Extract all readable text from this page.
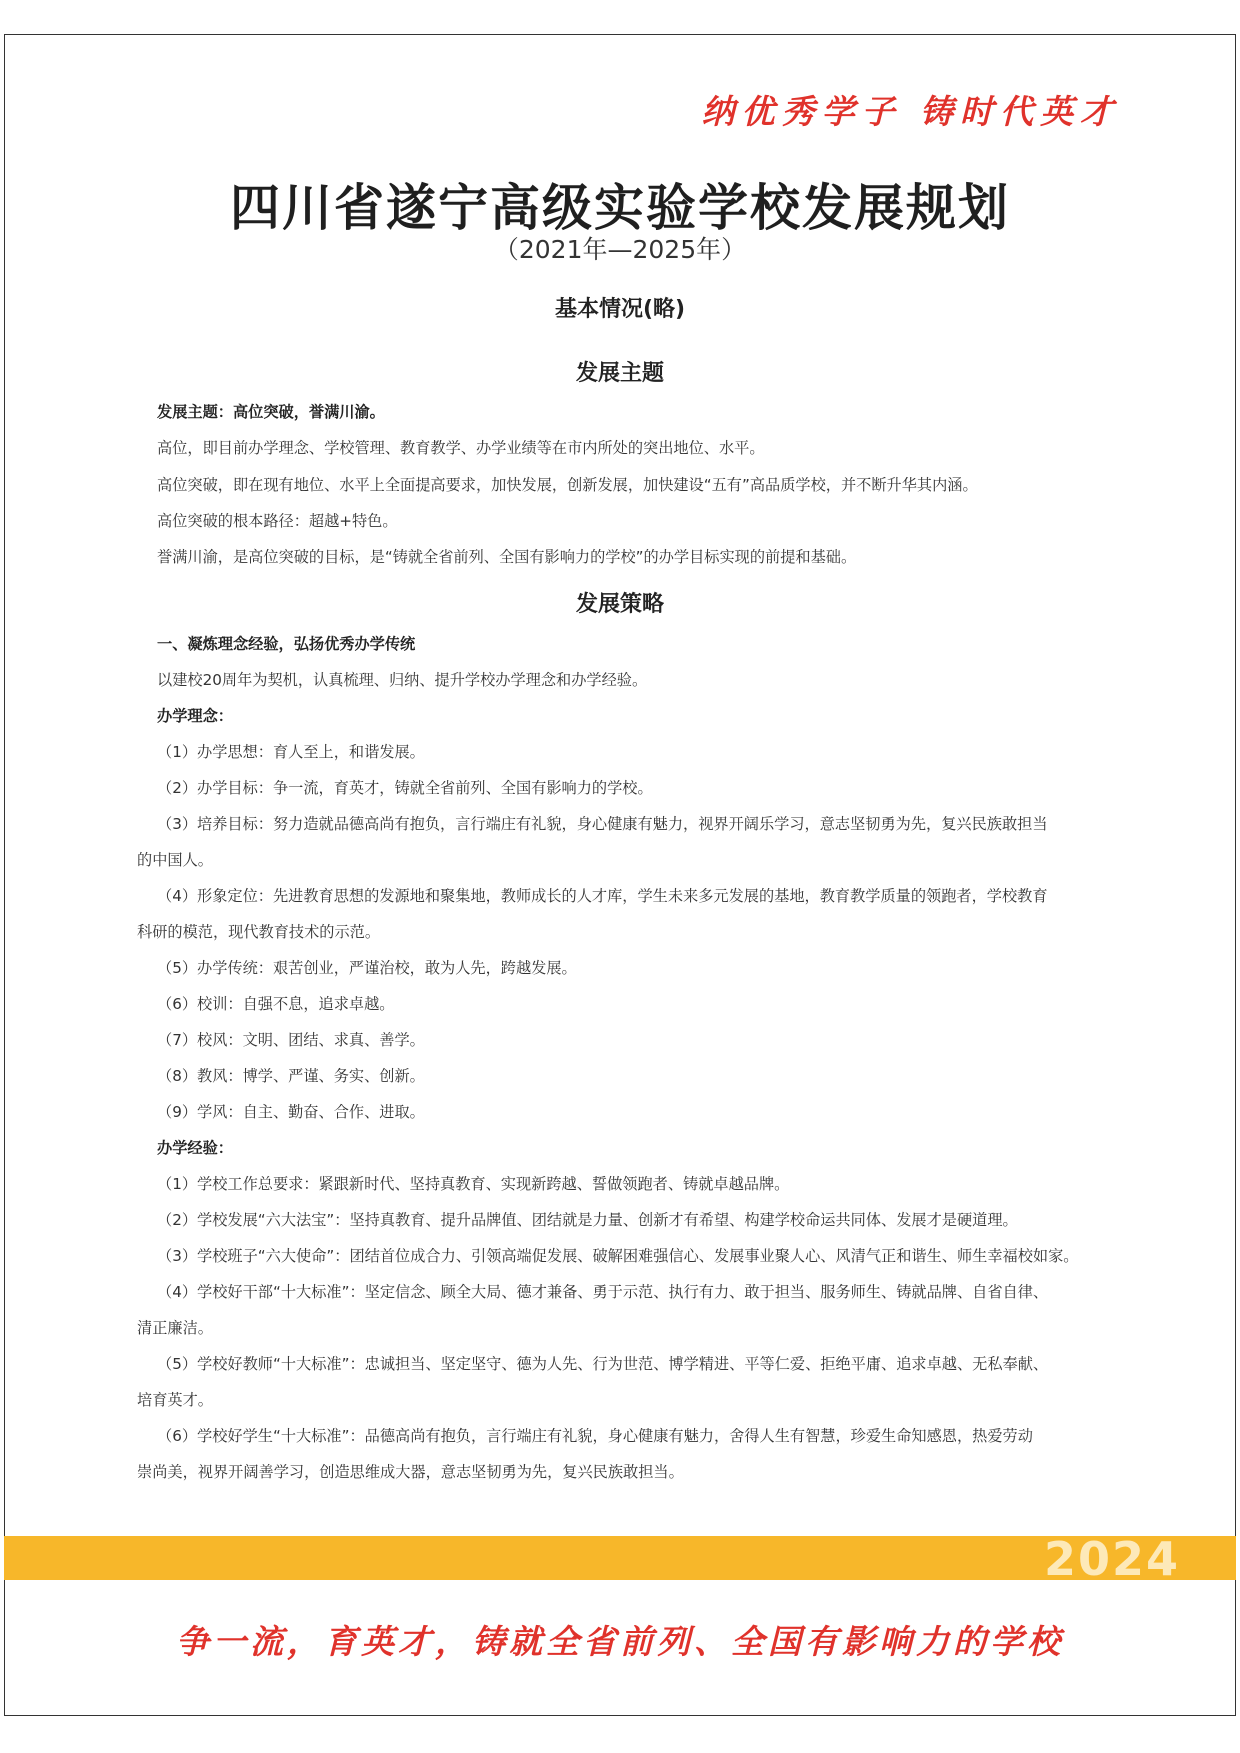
纳优秀学子 铸时代英才
四川省遂宁高级实验学校发展规划
（2021年—2025年）
基本情况(略)
发展主题
发展主题：高位突破，誉满川渝。
高位，即目前办学理念、学校管理、教育教学、办学业绩等在市内所处的突出地位、水平。
高位突破，即在现有地位、水平上全面提高要求，加快发展，创新发展，加快建设“五有”高品质学校，并不断升华其内涵。
高位突破的根本路径：超越+特色。
誉满川渝，是高位突破的目标，是“铸就全省前列、全国有影响力的学校”的办学目标实现的前提和基础。
发展策略
一、凝炼理念经验，弘扬优秀办学传统
以建校20周年为契机，认真梳理、归纳、提升学校办学理念和办学经验。
办学理念：
（1）办学思想：育人至上，和谐发展。
（2）办学目标：争一流，育英才，铸就全省前列、全国有影响力的学校。
（3）培养目标：努力造就品德高尚有抱负，言行端庄有礼貌，身心健康有魅力，视界开阔乐学习，意志坚韧勇为先，复兴民族敢担当
的中国人。
（4）形象定位：先进教育思想的发源地和聚集地，教师成长的人才库，学生未来多元发展的基地，教育教学质量的领跑者，学校教育
科研的模范，现代教育技术的示范。
（5）办学传统：艰苦创业，严谨治校，敢为人先，跨越发展。
（6）校训：自强不息，追求卓越。
（7）校风：文明、团结、求真、善学。
（8）教风：博学、严谨、务实、创新。
（9）学风：自主、勤奋、合作、进取。
办学经验：
（1）学校工作总要求：紧跟新时代、坚持真教育、实现新跨越、誓做领跑者、铸就卓越品牌。
（2）学校发展“六大法宝”：坚持真教育、提升品牌值、团结就是力量、创新才有希望、构建学校命运共同体、发展才是硬道理。
（3）学校班子“六大使命”：团结首位成合力、引领高端促发展、破解困难强信心、发展事业聚人心、风清气正和谐生、师生幸福校如家。
（4）学校好干部“十大标准”：坚定信念、顾全大局、德才兼备、勇于示范、执行有力、敢于担当、服务师生、铸就品牌、自省自律、
清正廉洁。
（5）学校好教师“十大标准”：忠诚担当、坚定坚守、德为人先、行为世范、博学精进、平等仁爱、拒绝平庸、追求卓越、无私奉献、
培育英才。
（6）学校好学生“十大标准”：品德高尚有抱负，言行端庄有礼貌，身心健康有魅力，舍得人生有智慧，珍爱生命知感恩，热爱劳动
崇尚美，视界开阔善学习，创造思维成大器，意志坚韧勇为先，复兴民族敢担当。
2024
争一流，育英才，铸就全省前列、全国有影响力的学校
